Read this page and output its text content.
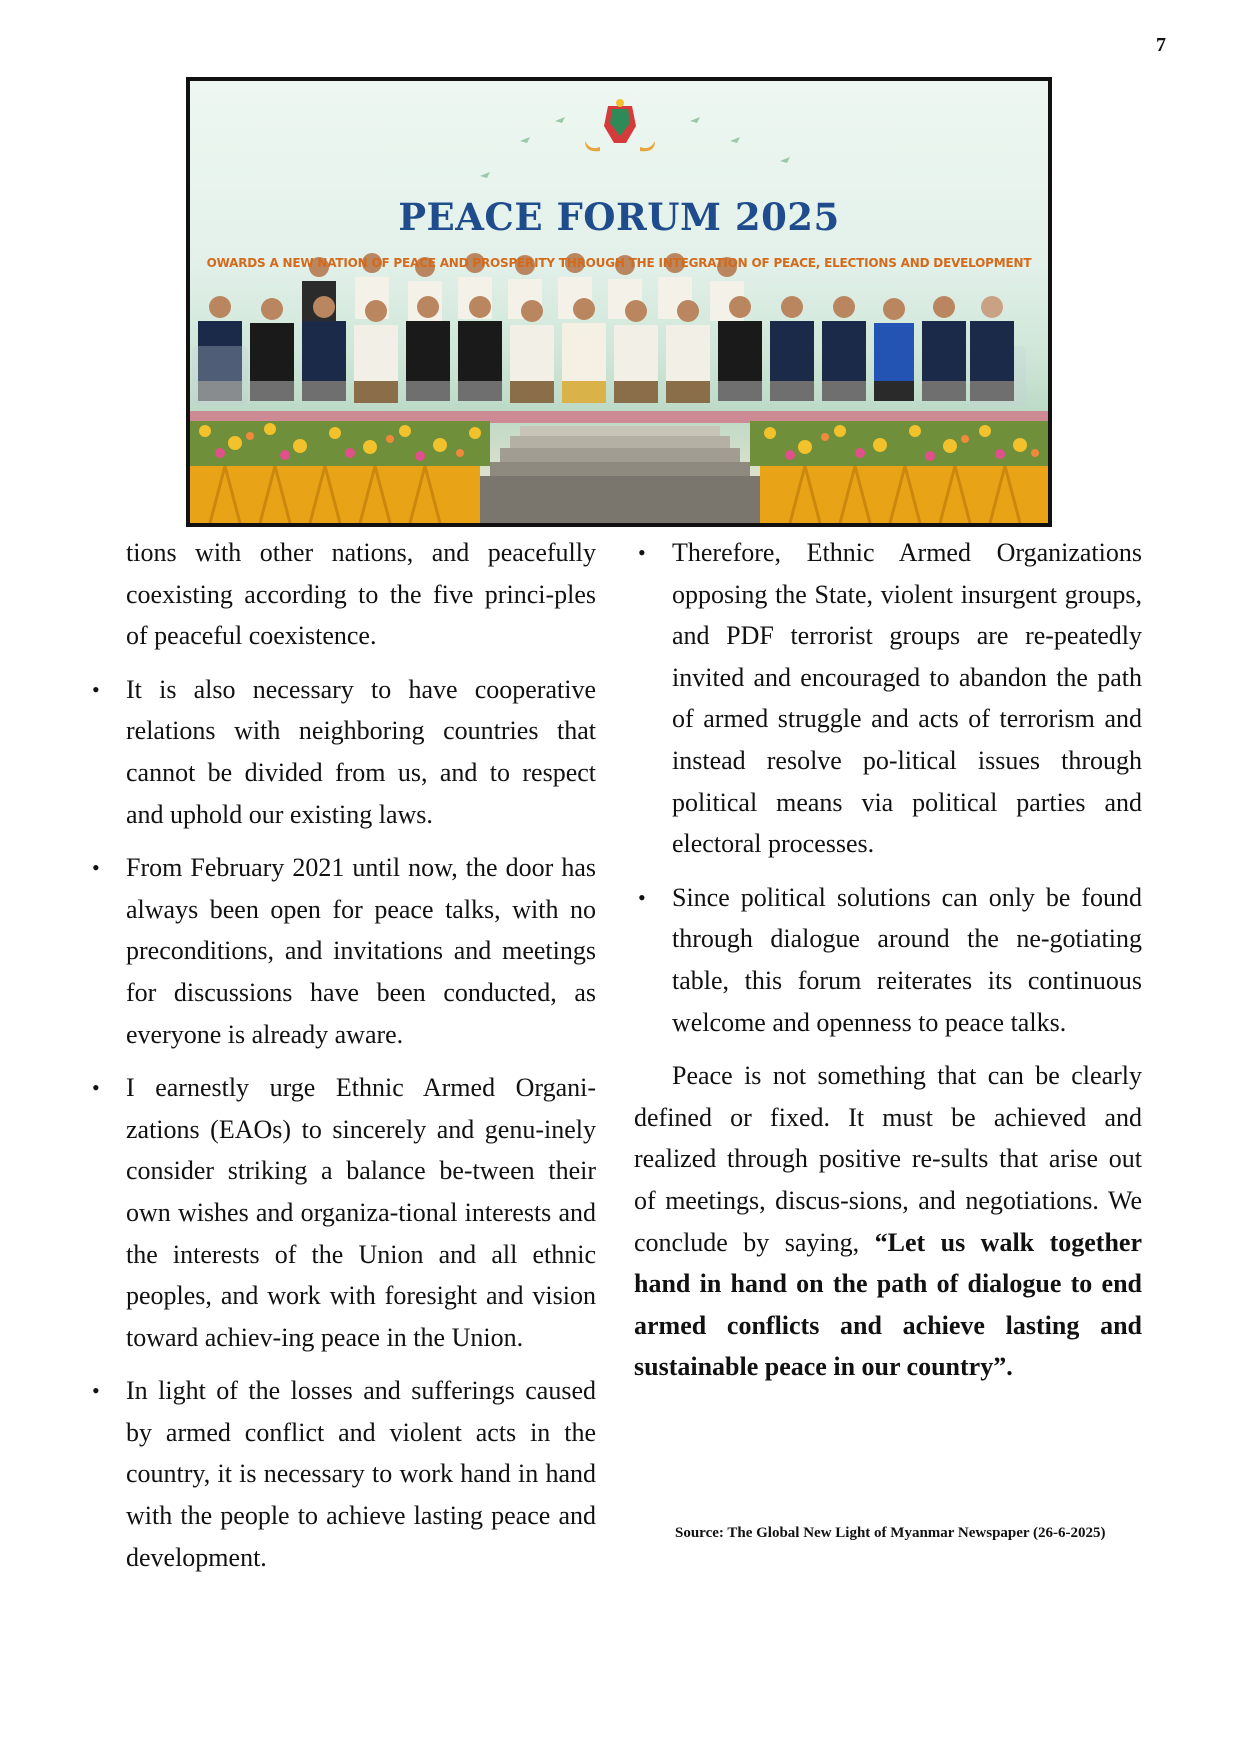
7
PEACE FORUM 2025
OWARDS A NEW NATION OF PEACE AND PROSPERITY THROUGH THE INTEGRATION OF PEACE, ELECTIONS AND DEVELOPMENT

tions with other nations, and peacefully coexisting according to the five princi-ples of peaceful coexistence.

• It is also necessary to have cooperative relations with neighboring countries that cannot be divided from us, and to respect and uphold our existing laws.
• From February 2021 until now, the door has always been open for peace talks, with no preconditions, and invitations and meetings for discussions have been conducted, as everyone is already aware.
• I earnestly urge Ethnic Armed Organi-zations (EAOs) to sincerely and genu-inely consider striking a balance be-tween their own wishes and organiza-tional interests and the interests of the Union and all ethnic peoples, and work with foresight and vision toward achiev-ing peace in the Union.
• In light of the losses and sufferings caused by armed conflict and violent acts in the country, it is necessary to work hand in hand with the people to achieve lasting peace and development.
• Therefore, Ethnic Armed Organizations opposing the State, violent insurgent groups, and PDF terrorist groups are re-peatedly invited and encouraged to abandon the path of armed struggle and acts of terrorism and instead resolve po-litical issues through political means via political parties and electoral processes.
• Since political solutions can only be found through dialogue around the ne-gotiating table, this forum reiterates its continuous welcome and openness to peace talks.

Peace is not something that can be clearly defined or fixed. It must be achieved and realized through positive re-sults that arise out of meetings, discus-sions, and negotiations. We conclude by saying, “Let us walk together hand in hand on the path of dialogue to end armed conflicts and achieve lasting and sustainable peace in our country”.

Source: The Global New Light of Myanmar Newspaper (26-6-2025)
